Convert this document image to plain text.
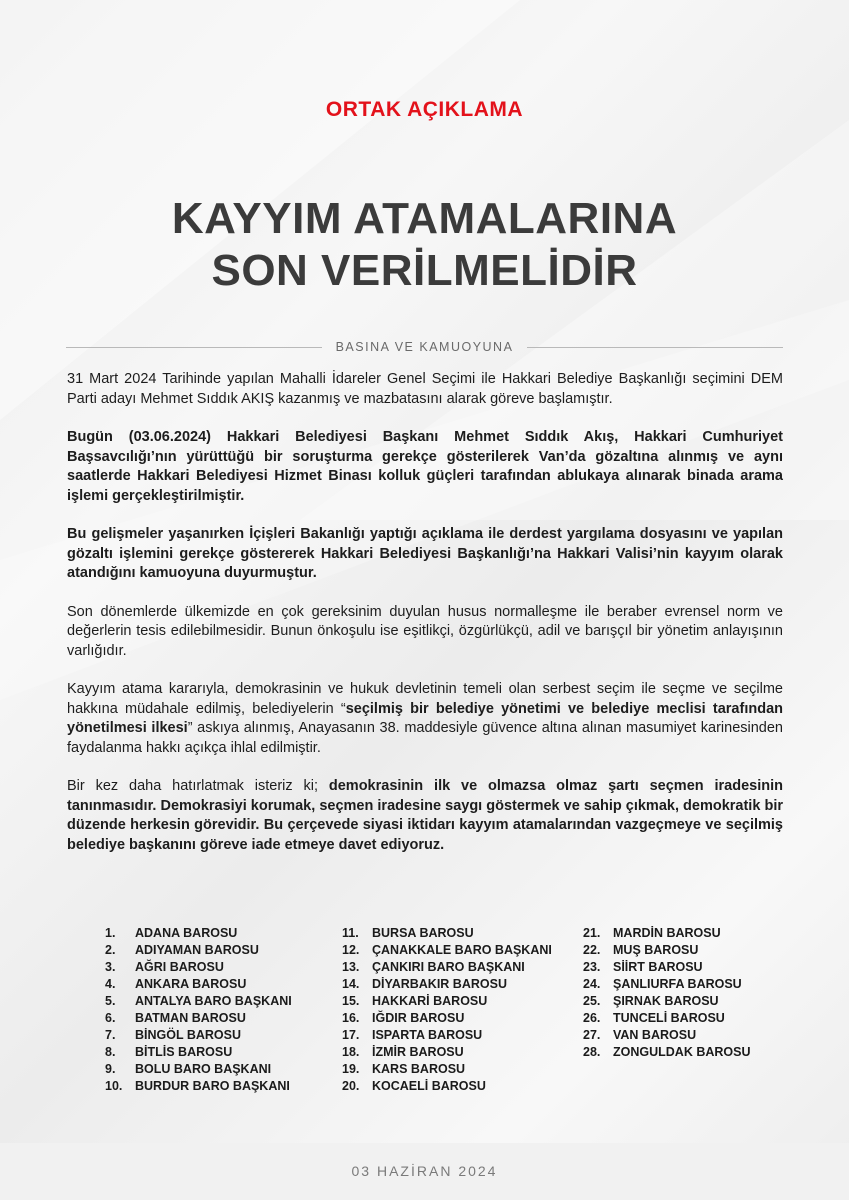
ORTAK AÇIKLAMA
KAYYIM ATAMALARINA
SON VERİLMELİDİR
BASINA VE KAMUOYUNA

31 Mart 2024 Tarihinde yapılan Mahalli İdareler Genel Seçimi ile Hakkari Belediye Başkanlığı seçimini DEM Parti adayı Mehmet Sıddık AKIŞ kazanmış ve mazbatasını alarak göreve başlamıştır.

Bugün (03.06.2024) Hakkari Belediyesi Başkanı Mehmet Sıddık Akış, Hakkari Cumhuriyet Başsavcılığı’nın yürüttüğü bir soruşturma gerekçe gösterilerek Van’da gözaltına alınmış ve aynı saatlerde Hakkari Belediyesi Hizmet Binası kolluk güçleri tarafından ablukaya alınarak binada arama işlemi gerçekleştirilmiştir.

Bu gelişmeler yaşanırken İçişleri Bakanlığı yaptığı açıklama ile derdest yargılama dosyasını ve yapılan gözaltı işlemini gerekçe göstererek Hakkari Belediyesi Başkanlığı’na Hakkari Valisi’nin kayyım olarak atandığını kamuoyuna duyurmuştur.

Son dönemlerde ülkemizde en çok gereksinim duyulan husus normalleşme ile beraber evrensel norm ve değerlerin tesis edilebilmesidir. Bunun önkoşulu ise eşitlikçi, özgürlükçü, adil ve barışçıl bir yönetim anlayışının varlığıdır.

Kayyım atama kararıyla, demokrasinin ve hukuk devletinin temeli olan serbest seçim ile seçme ve seçilme hakkına müdahale edilmiş, belediyelerin “seçilmiş bir belediye yönetimi ve belediye meclisi tarafından yönetilmesi ilkesi” askıya alınmış, Anayasanın 38. maddesiyle güvence altına alınan masumiyet karinesinden faydalanma hakkı açıkça ihlal edilmiştir.

Bir kez daha hatırlatmak isteriz ki; demokrasinin ilk ve olmazsa olmaz şartı seçmen iradesinin tanınmasıdır. Demokrasiyi korumak, seçmen iradesine saygı göstermek ve sahip çıkmak, demokratik bir düzende herkesin görevidir. Bu çerçevede siyasi iktidarı kayyım atamalarından vazgeçmeye ve seçilmiş belediye başkanını göreve iade etmeye davet ediyoruz.

1.	ADANA BAROSU
2.	ADIYAMAN BAROSU
3.	AĞRI BAROSU
4.	ANKARA BAROSU
5.	ANTALYA BARO BAŞKANI
6.	BATMAN BAROSU
7.	BİNGÖL BAROSU
8.	BİTLİS BAROSU
9.	BOLU BARO BAŞKANI
10.	BURDUR BARO BAŞKANI
11.	BURSA BAROSU
12.	ÇANAKKALE BARO BAŞKANI
13.	ÇANKIRI BARO BAŞKANI
14.	DİYARBAKIR BAROSU
15.	HAKKARİ BAROSU
16.	IĞDIR BAROSU
17.	ISPARTA BAROSU
18.	İZMİR BAROSU
19.	KARS BAROSU
20.	KOCAELİ BAROSU
21.	MARDİN BAROSU
22.	MUŞ BAROSU
23.	SİİRT BAROSU
24.	ŞANLIURFA BAROSU
25.	ŞIRNAK BAROSU
26.	TUNCELİ BAROSU
27.	VAN BAROSU
28.	ZONGULDAK BAROSU
03 HAZİRAN 2024
